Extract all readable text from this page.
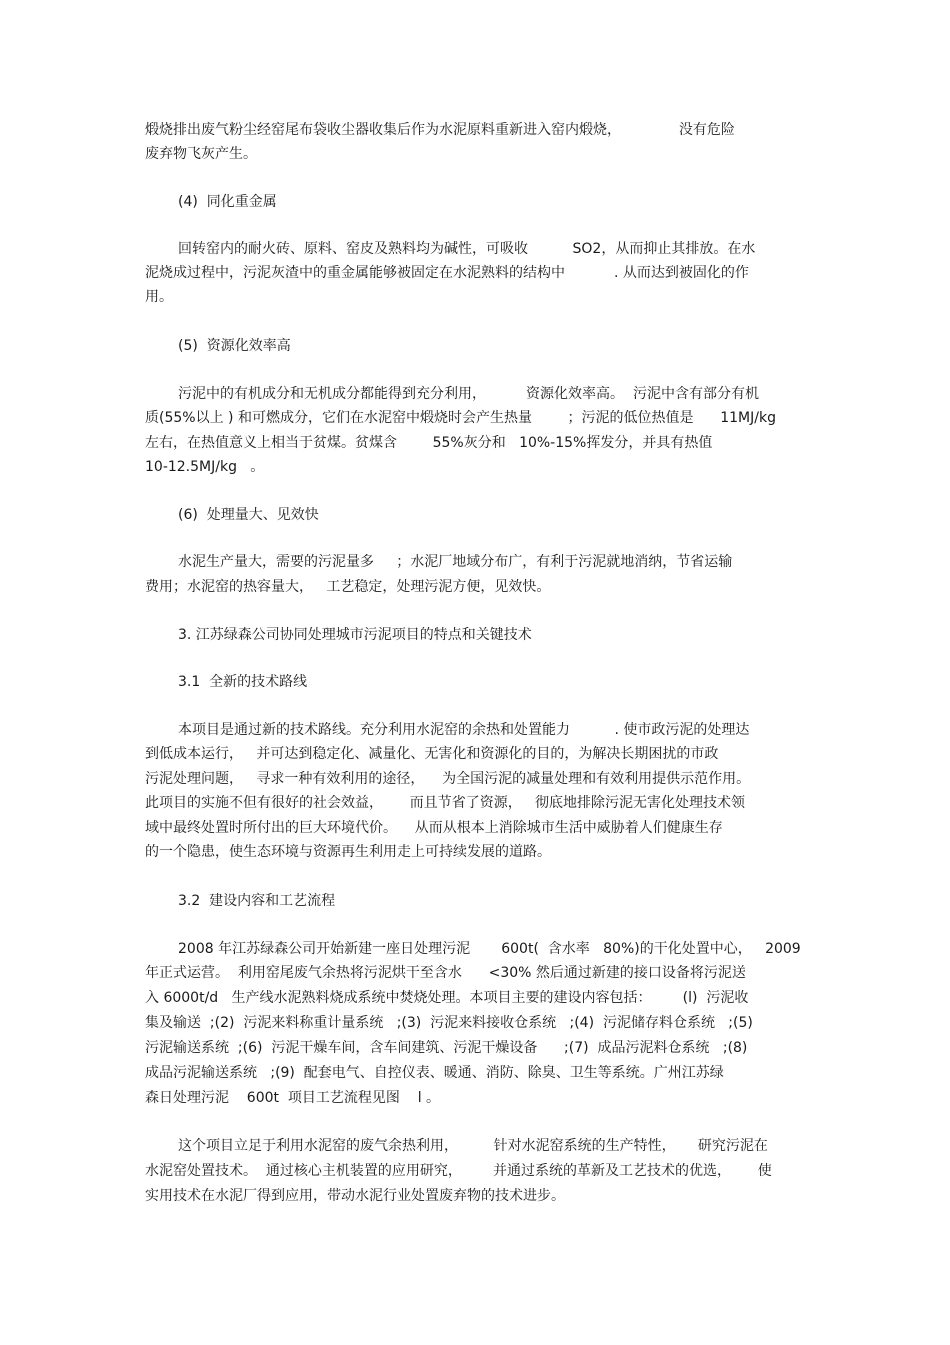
煅烧排出废气粉尘经窑尾布袋收尘器收集后作为水泥原料重新进入窑内煅烧，             没有危险
废弃物飞灰产生。
(4)  同化重金属
回转窑内的耐火砖、原料、窑皮及熟料均为碱性，可吸收          SO2，从而抑止其排放。在水
泥烧成过程中，污泥灰渣中的重金属能够被固定在水泥熟料的结构中           . 从而达到被固化的作
用。
(5)  资源化效率高
污泥中的有机成分和无机成分都能得到充分利用，         资源化效率高。  污泥中含有部分有机
质(55%以上 ) 和可燃成分，它们在水泥窑中煅烧时会产生热量        ；污泥的低位热值是      11MJ/kg
左右，在热值意义上相当于贫煤。贫煤含        55%灰分和   10%-15%挥发分，并具有热值
10-12.5MJ/kg   。
(6)  处理量大、见效快
水泥生产量大，需要的污泥量多     ；水泥厂地域分布广，有利于污泥就地消纳，节省运输
费用；水泥窑的热容量大，   工艺稳定，处理污泥方便，见效快。
3. 江苏绿森公司协同处理城市污泥项目的特点和关键技术
3.1  全新的技术路线
本项目是通过新的技术路线。充分利用水泥窑的余热和处置能力          . 使市政污泥的处理达
到低成本运行，   并可达到稳定化、减量化、无害化和资源化的目的，为解决长期困扰的市政
污泥处理问题，   寻求一种有效利用的途径，    为全国污泥的减量处理和有效利用提供示范作用。
此项目的实施不但有很好的社会效益，      而且节省了资源，   彻底地排除污泥无害化处理技术领
域中最终处置时所付出的巨大环境代价。    从而从根本上消除城市生活中威胁着人们健康生存
的一个隐患，使生态环境与资源再生利用走上可持续发展的道路。
3.2  建设内容和工艺流程
2008 年江苏绿森公司开始新建一座日处理污泥       600t(  含水率   80%)的干化处置中心，   2009
年正式运营。  利用窑尾废气余热将污泥烘干至含水      <30% 然后通过新建的接口设备将污泥送
入 6000t/d   生产线水泥熟料烧成系统中焚烧处理。本项目主要的建设内容包括：       (l)  污泥收
集及输送  ;(2)  污泥来料称重计量系统   ;(3)  污泥来料接收仓系统   ;(4)  污泥储存料仓系统   ;(5)
污泥输送系统  ;(6)  污泥干燥车间，含车间建筑、污泥干燥设备      ;(7)  成品污泥料仓系统   ;(8)
成品污泥输送系统   ;(9)  配套电气、自控仪表、暖通、消防、除臭、卫生等系统。广州江苏绿
森日处理污泥    600t  项目工艺流程见图    l 。
这个项目立足于利用水泥窑的废气余热利用，        针对水泥窑系统的生产特性，     研究污泥在
水泥窑处置技术。  通过核心主机装置的应用研究，       并通过系统的革新及工艺技术的优选，      使
实用技术在水泥厂得到应用，带动水泥行业处置废弃物的技术进步。
